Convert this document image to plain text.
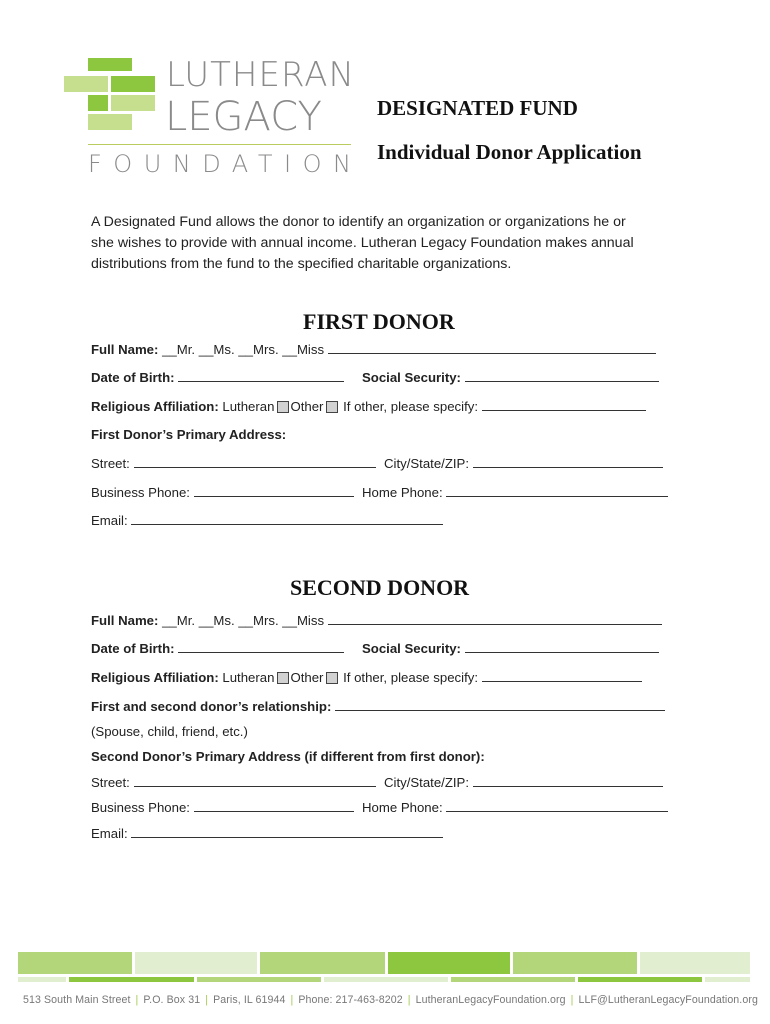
LUTHERAN
LEGACY
FOUNDATION
DESIGNATED FUND
Individual Donor Application
A Designated Fund allows the donor to identify an organization or organizations he or
she wishes to provide with annual income. Lutheran Legacy Foundation makes annual
distributions from the fund to the specified charitable organizations.
FIRST DONOR
Full Name: __Mr. __Ms. __Mrs. __Miss
Date of Birth:	Social Security:
Religious Affiliation: Lutheran Other If other, please specify:
First Donor’s Primary Address:
Street:	City/State/ZIP:
Business Phone:	Home Phone:
Email:
SECOND DONOR
Full Name: __Mr. __Ms. __Mrs. __Miss
Date of Birth:	Social Security:
Religious Affiliation: Lutheran Other If other, please specify:
First and second donor’s relationship:
(Spouse, child, friend, etc.)
Second Donor’s Primary Address (if different from first donor):
Street:	City/State/ZIP:
Business Phone:	Home Phone:
Email:
513 South Main Street | P.O. Box 31 | Paris, IL 61944 | Phone: 217-463-8202 | LutheranLegacyFoundation.org | LLF@LutheranLegacyFoundation.org
